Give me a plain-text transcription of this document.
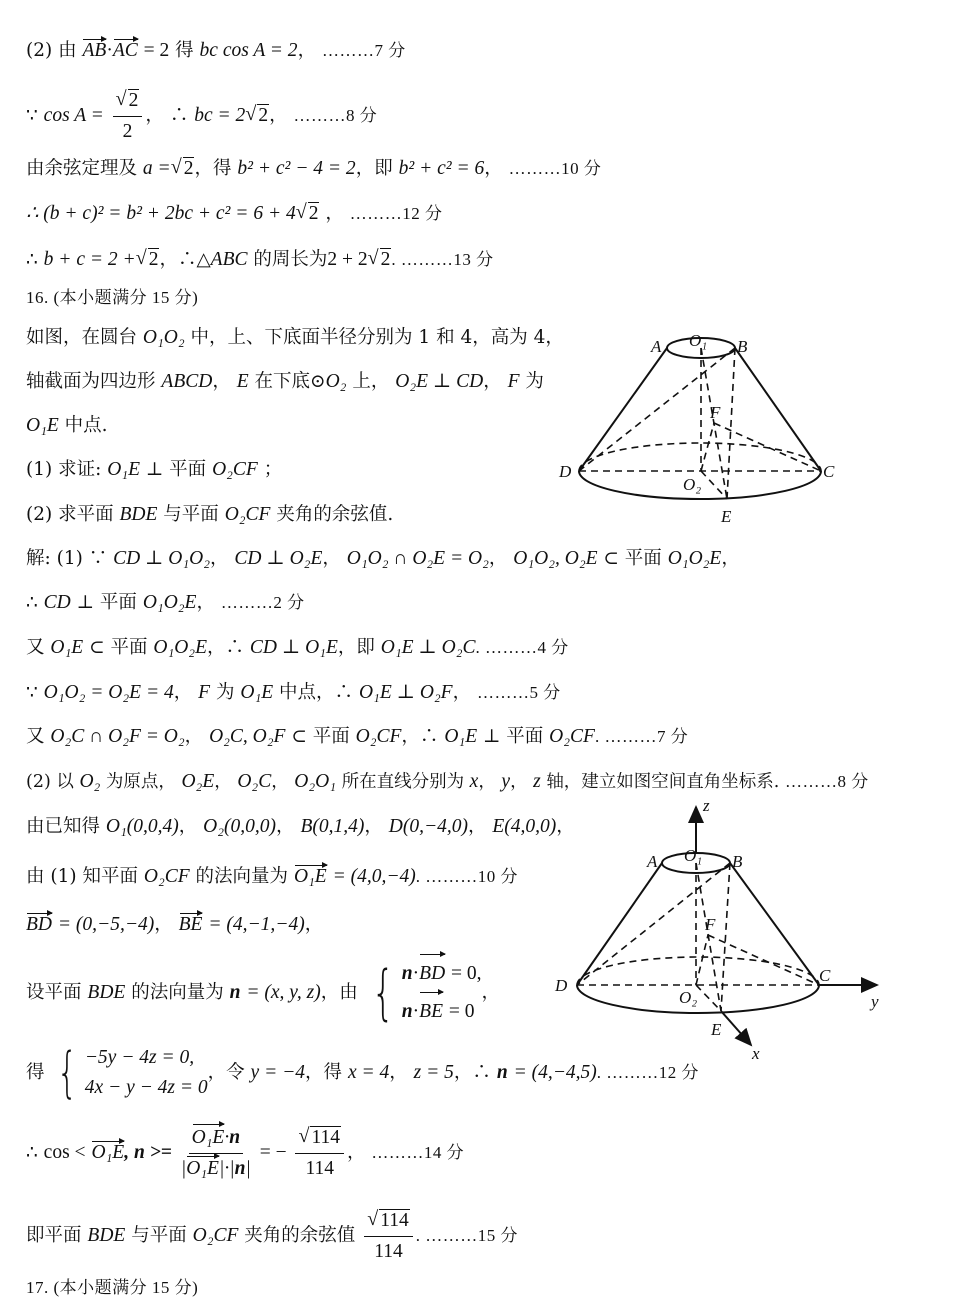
(2) 由 AB·AC = 2 得 bc cos A = 2， ………7 分
∵ cos A = √ $\frac{2}{2}$ ， ∴ bc = 2 √ 2， ………8 分
由余弦定理及 a = √ 2，得 b² + c² − 4 = 2，即 b² + c² = 6， ………10 分
∴ (b + c)² = b² + 2bc + c² = 6 + 4 √ 2 ， ………12 分
∴ b + c = 2 + √ 2，∴△ABC 的周长为2 + 2 √ 2. ………13 分
16. (本小题满分 15 分)
如图，在圆台 O₁O₂ 中，上、下底面半径分别为 1 和 4，高为 4，
轴截面为四边形 ABCD， E 在下底⊙O₂ 上， O₂E ⊥ CD， F 为
O₁E 中点.
(1) 求证: O₁E ⊥ 平面 O₂CF ；
(2) 求平面 BDE 与平面 O₂CF 夹角的余弦值.
A	B
O₁
D	C
F
O₂
E
解: (1) ∵ CD ⊥ O₁O₂， CD ⊥ O₂E， O₁O₂ ∩ O₂E = O₂， O₁O₂, O₂E ⊂ 平面 O₁O₂E，
∴ CD ⊥ 平面 O₁O₂E， ………2 分
又 O₁E ⊂ 平面 O₁O₂E，∴ CD ⊥ O₁E，即 O₁E ⊥ O₂C. ………4 分
∵ O₁O₂ = O₂E = 4， F 为 O₁E 中点，∴ O₁E ⊥ O₂F， ………5 分
又 O₂C ∩ O₂F = O₂， O₂C, O₂F ⊂ 平面 O₂CF，∴ O₁E ⊥ 平面 O₂CF. ………7 分
(2) 以 O₂ 为原点， O₂E， O₂C， O₂O₁ 所在直线分别为 x， y， z 轴，建立如图空间直角坐标系. ………8 分
由已知得 O₁(0,0,4)， O₂(0,0,0)， B(0,1,4)， D(0,−4,0)， E(4,0,0)，
由 (1) 知平面 O₂CF 的法向量为 O₁E = (4,0,−4). ………10 分
BD = (0,−5,−4)， BE = (4,−1,−4)，
设平面 BDE 的法向量为 n = (x, y, z)，由 { n·BD = 0,
n·BE = 0
，
得 { −5y − 4z = 0,
4x − y − 4z = 0
，令 y = −4，得 x = 4， z = 5，∴ n = (4,−4,5). ………12 分
∴ cos < O₁E, $n >= \frac{\text{O₁E·n}}{\text{|O₁E|·|n|}}$ = − √ $\frac{114}{114}$ ， ………14 分
即平面 BDE 与平面 O₂CF 夹角的余弦值 √ $\frac{114}{114}$ . ………15 分
17. (本小题满分 15 分)
z
A	B
O₁
D
C
F
O₂
E
y
x
